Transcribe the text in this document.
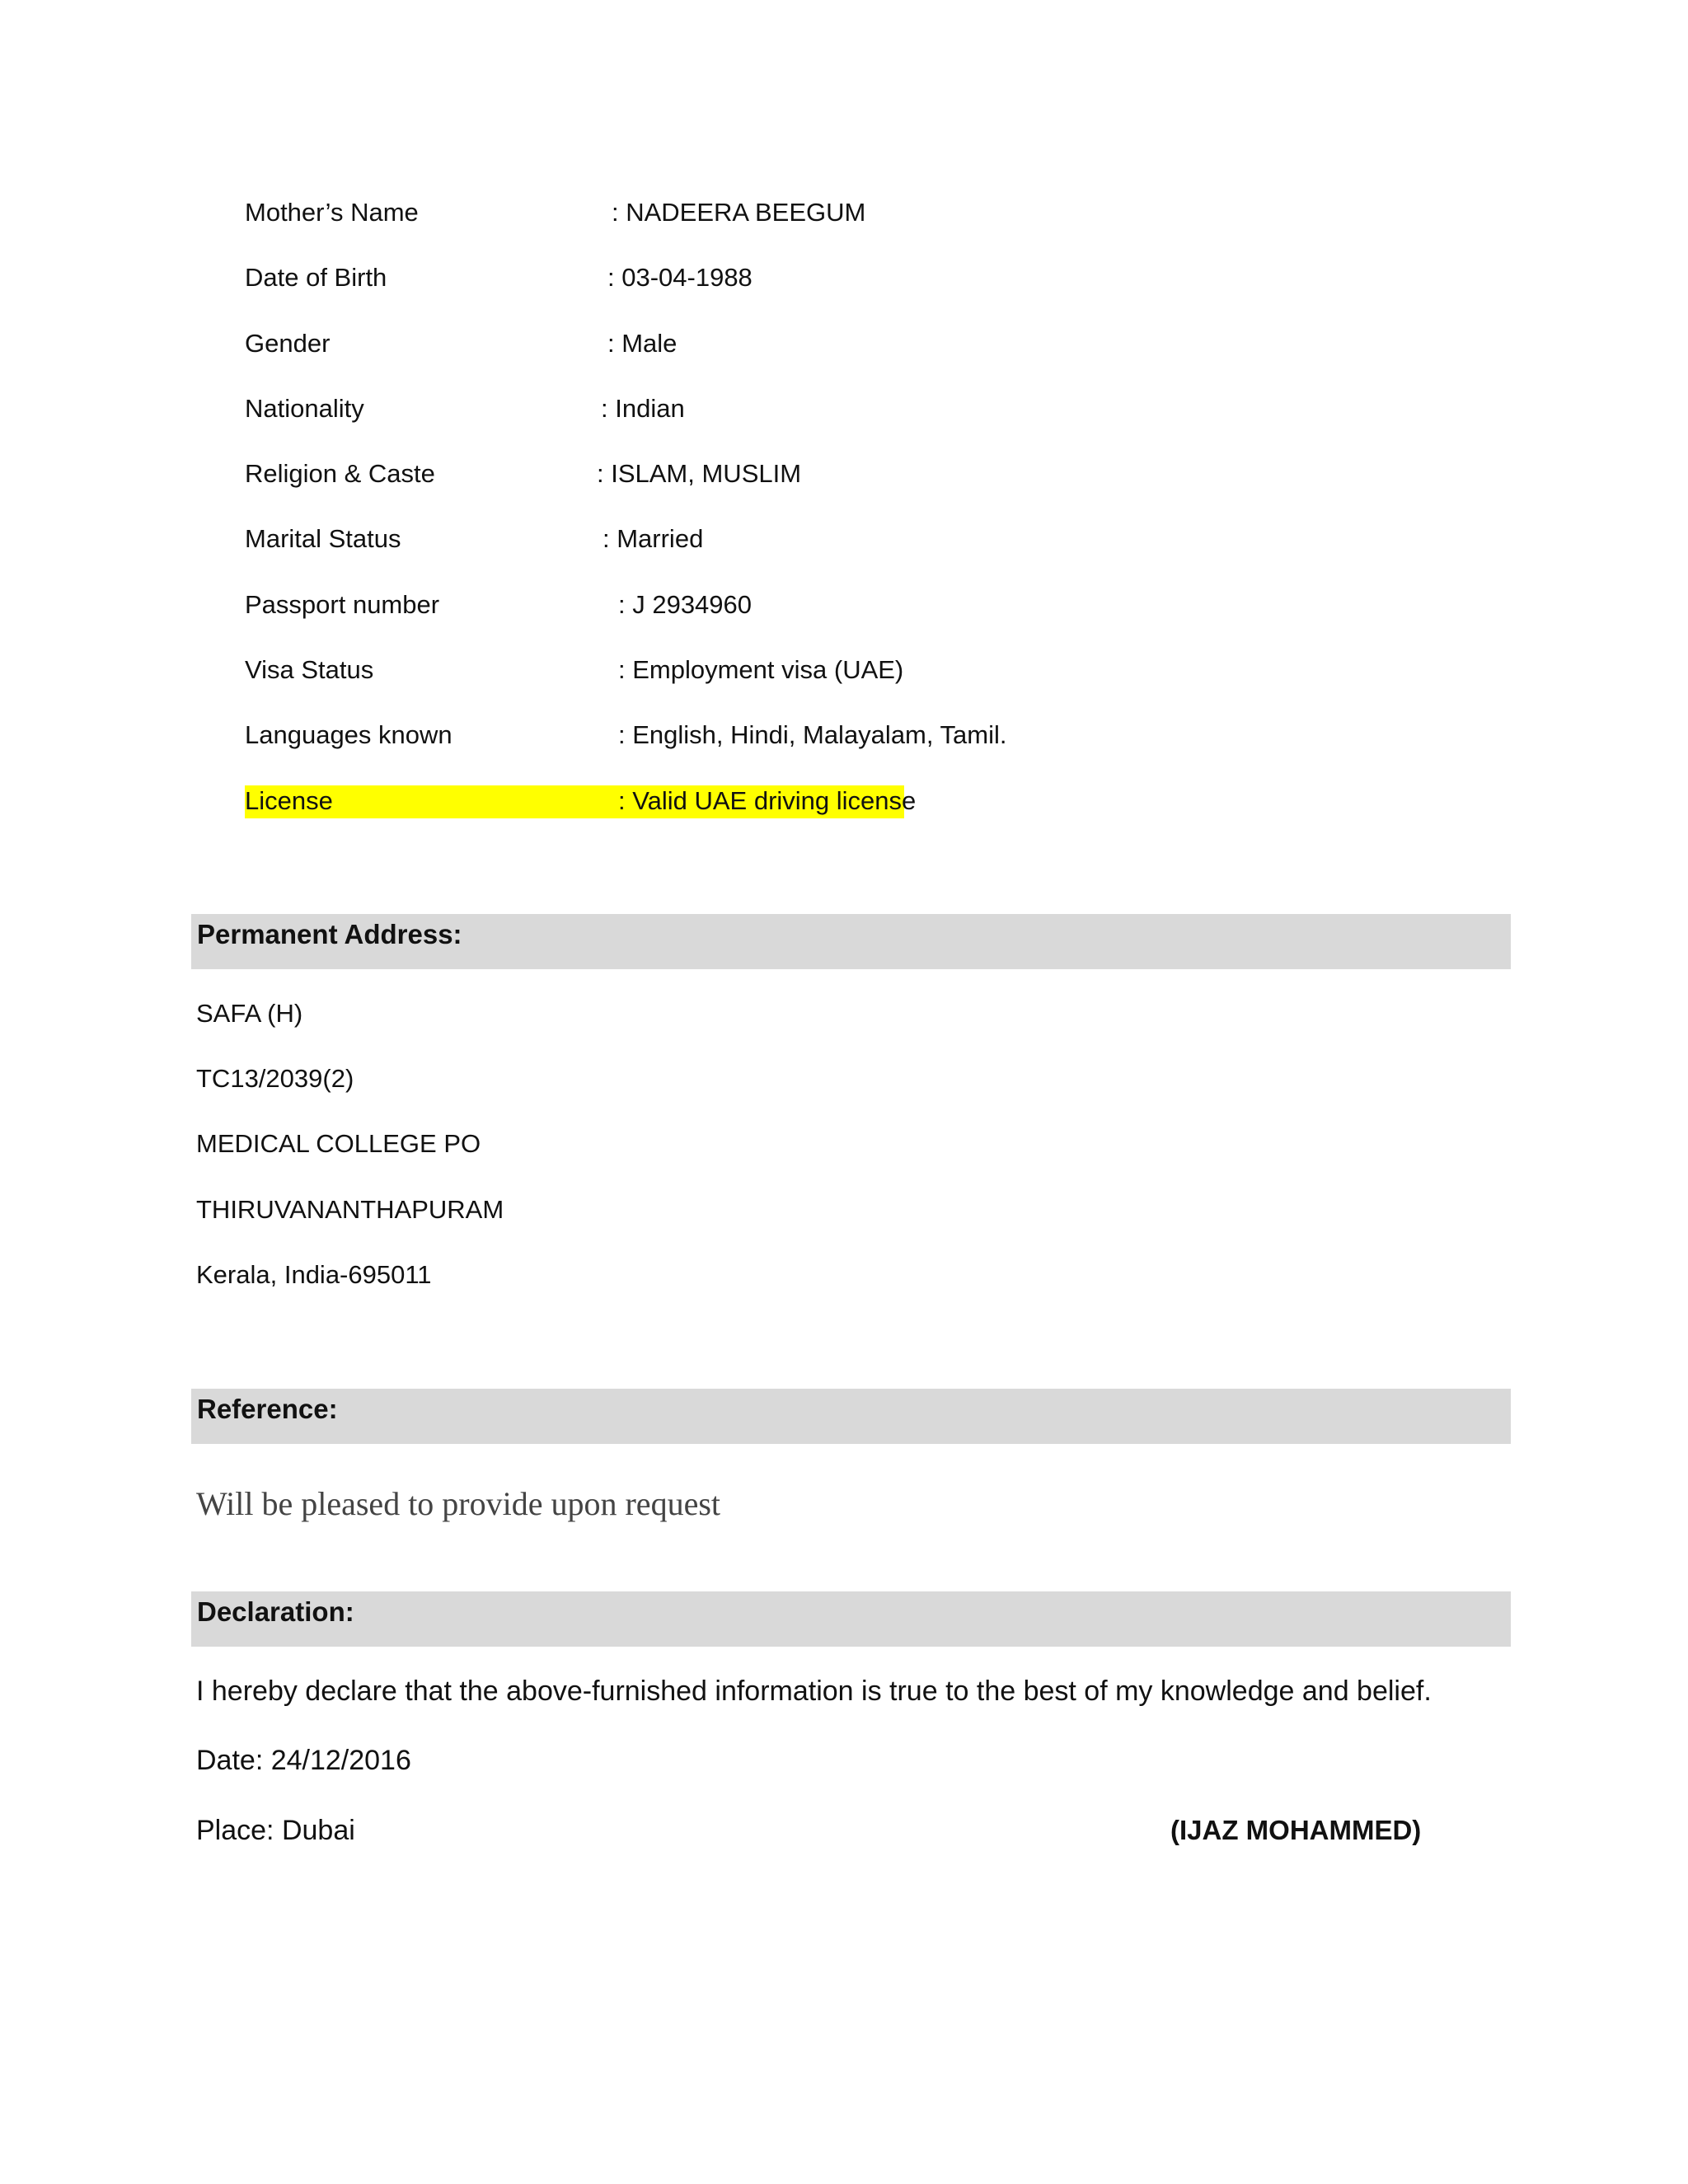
Mother’s Name	: NADEERA BEEGUM
Date of Birth	: 03-04-1988
Gender	: Male
Nationality	: Indian
Religion & Caste	: ISLAM, MUSLIM
Marital Status	: Married
Passport number	: J 2934960
Visa Status	: Employment visa (UAE)
Languages known	: English, Hindi, Malayalam, Tamil.
License	: Valid UAE driving license
Permanent Address:
SAFA (H)
TC13/2039(2)
MEDICAL COLLEGE PO
THIRUVANANTHAPURAM
Kerala, India-695011
Reference:
Will be pleased to provide upon request
Declaration:
I hereby declare that the above-furnished information is true to the best of my knowledge and belief.
Date: 24/12/2016
Place: Dubai	(IJAZ MOHAMMED)
